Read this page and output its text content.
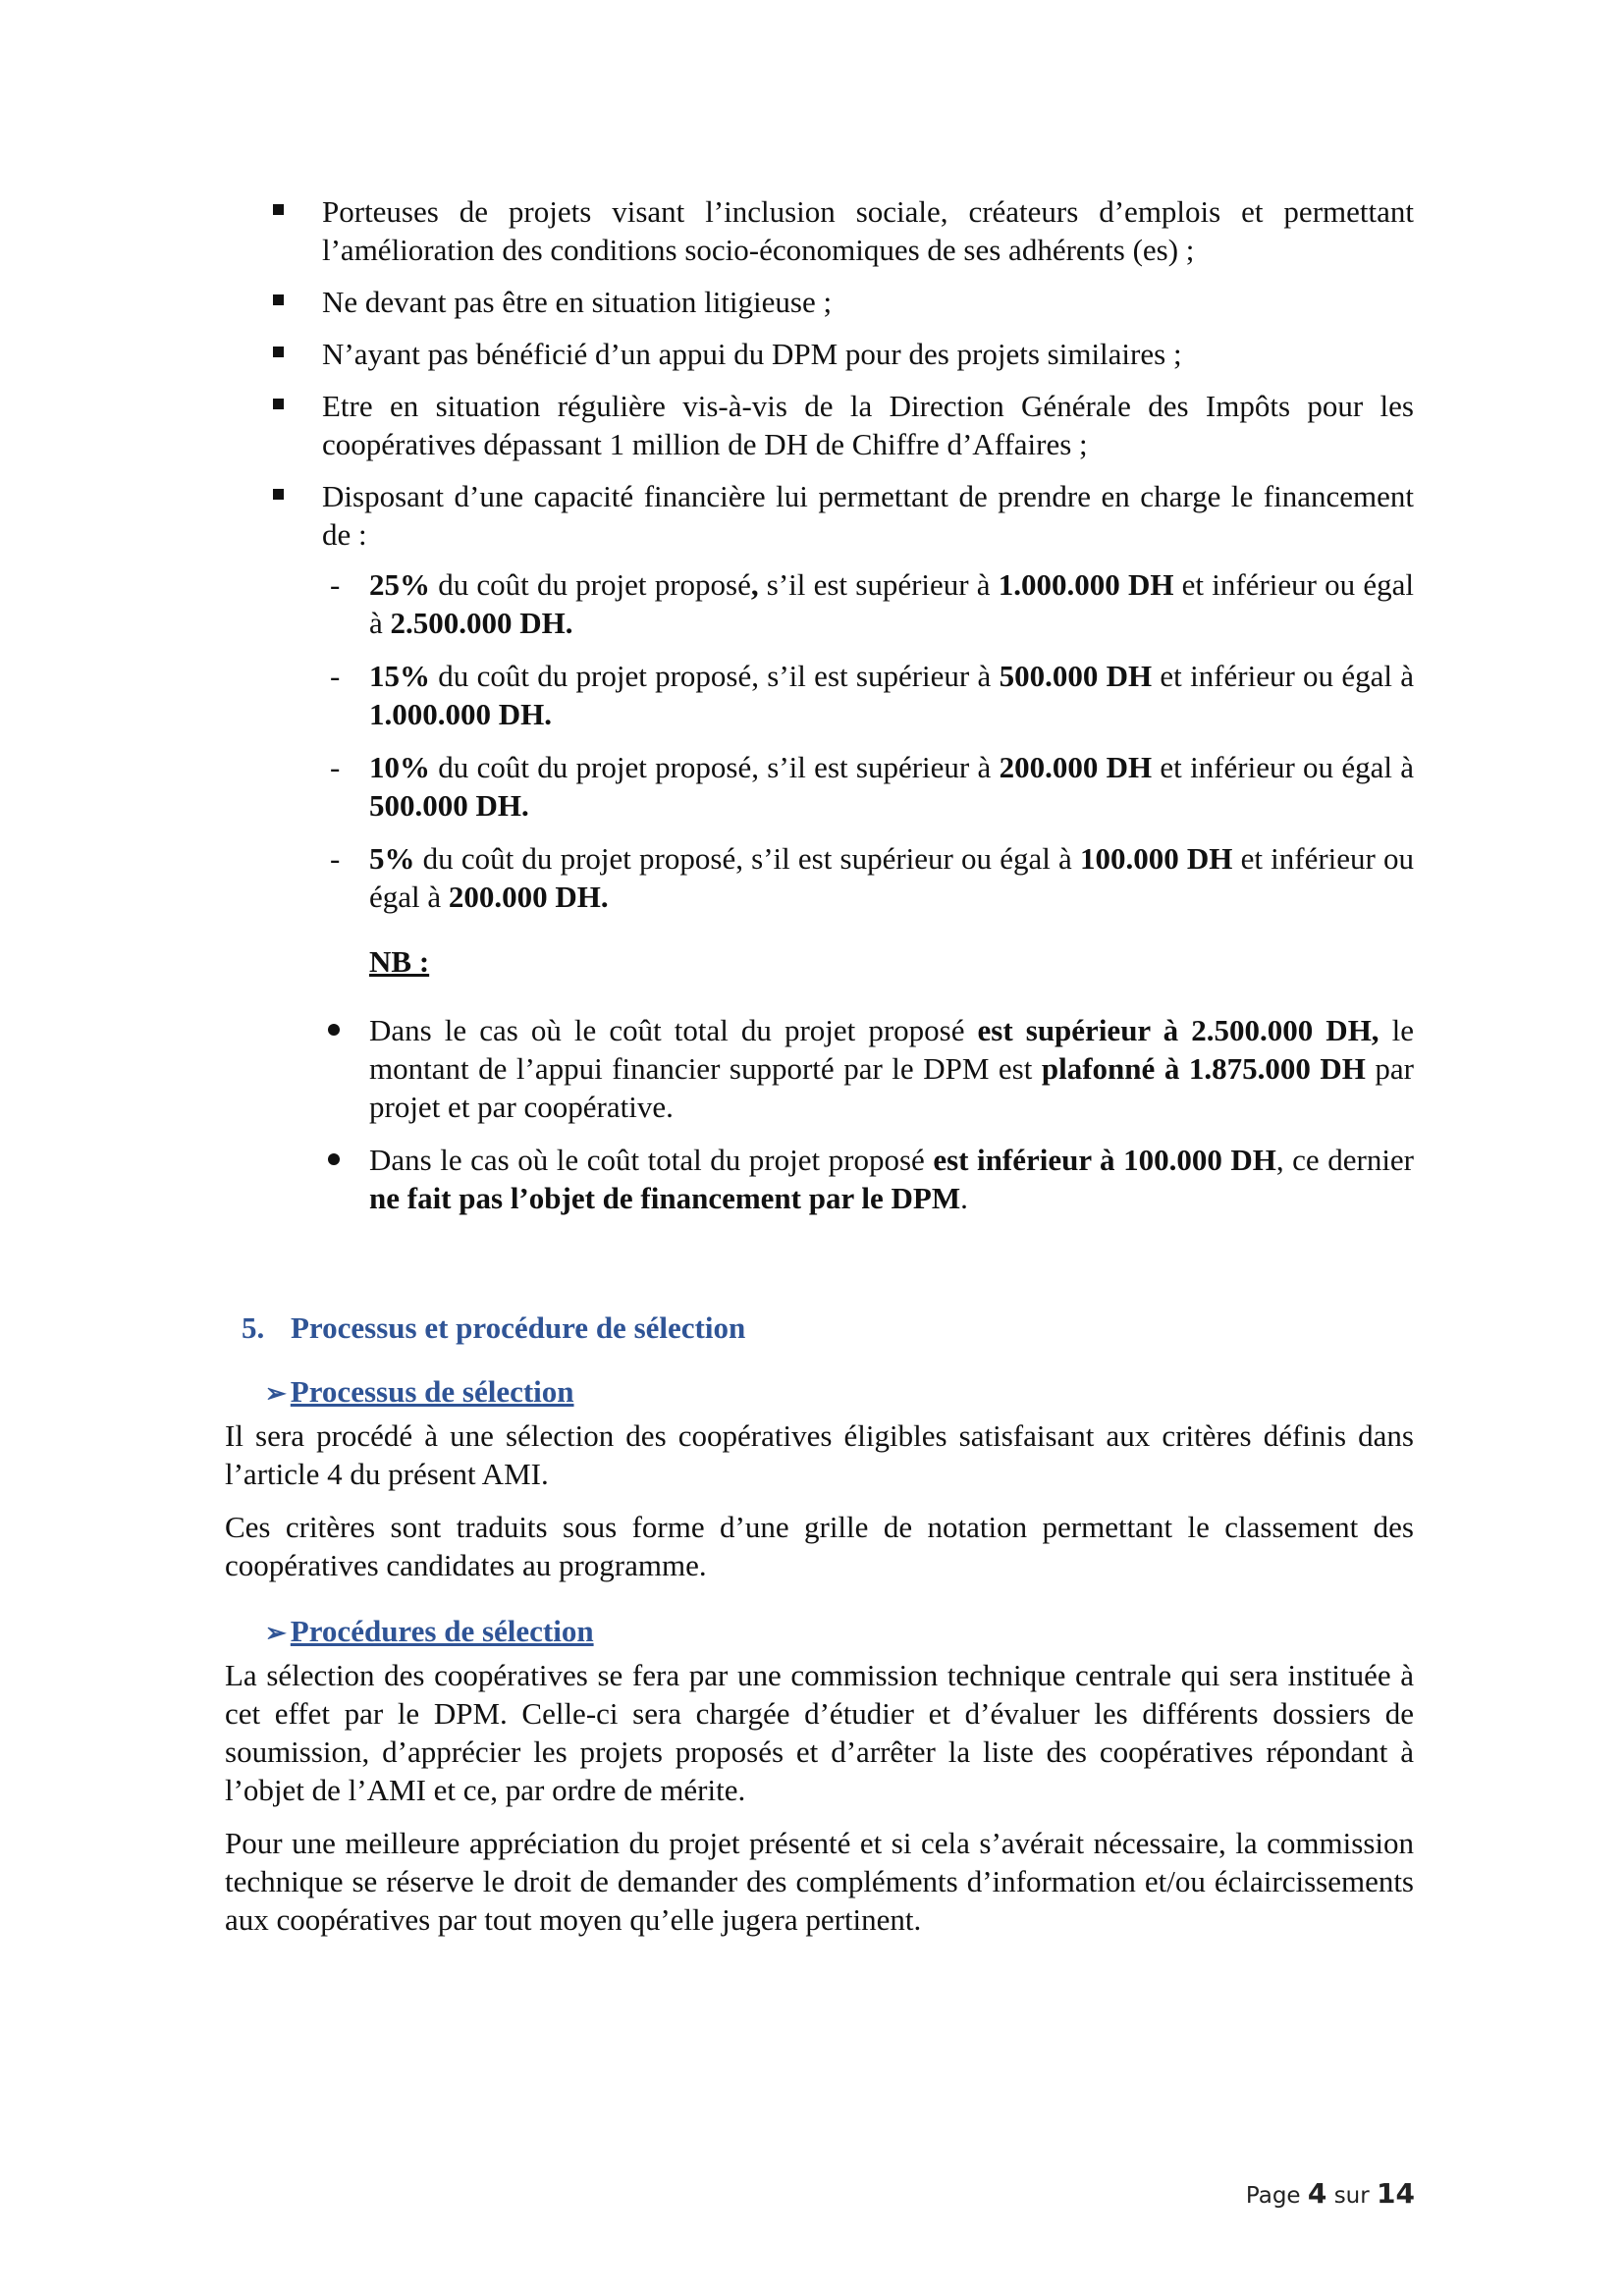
Porteuses de projets visant l’inclusion sociale, créateurs d’emplois et permettant l’amélioration des conditions socio-économiques de ses adhérents (es) ;
Ne devant pas être en situation litigieuse ;
N’ayant pas bénéficié d’un appui du DPM pour des projets similaires ;
Etre en situation régulière vis-à-vis de la Direction Générale des Impôts pour les coopératives dépassant 1 million de DH de Chiffre d’Affaires ;
Disposant d’une capacité financière lui permettant de prendre en charge le financement de :
- 25% du coût du projet proposé, s’il est supérieur à 1.000.000 DH et inférieur ou égal à 2.500.000 DH.
- 15% du coût du projet proposé, s’il est supérieur à 500.000 DH et inférieur ou égal à 1.000.000 DH.
- 10% du coût du projet proposé, s’il est supérieur à 200.000 DH et inférieur ou égal à 500.000 DH.
- 5% du coût du projet proposé, s’il est supérieur ou égal à 100.000 DH et inférieur ou égal à 200.000 DH.
NB :
Dans le cas où le coût total du projet proposé est supérieur à 2.500.000 DH, le montant de l’appui financier supporté par le DPM est plafonné à 1.875.000 DH par projet et par coopérative.
Dans le cas où le coût total du projet proposé est inférieur à 100.000 DH, ce dernier ne fait pas l’objet de financement par le DPM.
5. Processus et procédure de sélection
➢ Processus de sélection
Il sera procédé à une sélection des coopératives éligibles satisfaisant aux critères définis dans l’article 4 du présent AMI.
Ces critères sont traduits sous forme d’une grille de notation permettant le classement des coopératives candidates au programme.
➢ Procédures de sélection
La sélection des coopératives se fera par une commission technique centrale qui sera instituée à cet effet par le DPM. Celle-ci sera chargée d’étudier et d’évaluer les différents dossiers de soumission, d’apprécier les projets proposés et d’arrêter la liste des coopératives répondant à l’objet de l’AMI et ce, par ordre de mérite.
Pour une meilleure appréciation du projet présenté et si cela s’avérait nécessaire, la commission technique se réserve le droit de demander des compléments d’information et/ou éclaircissements aux coopératives par tout moyen qu’elle jugera pertinent.
Page 4 sur 14
